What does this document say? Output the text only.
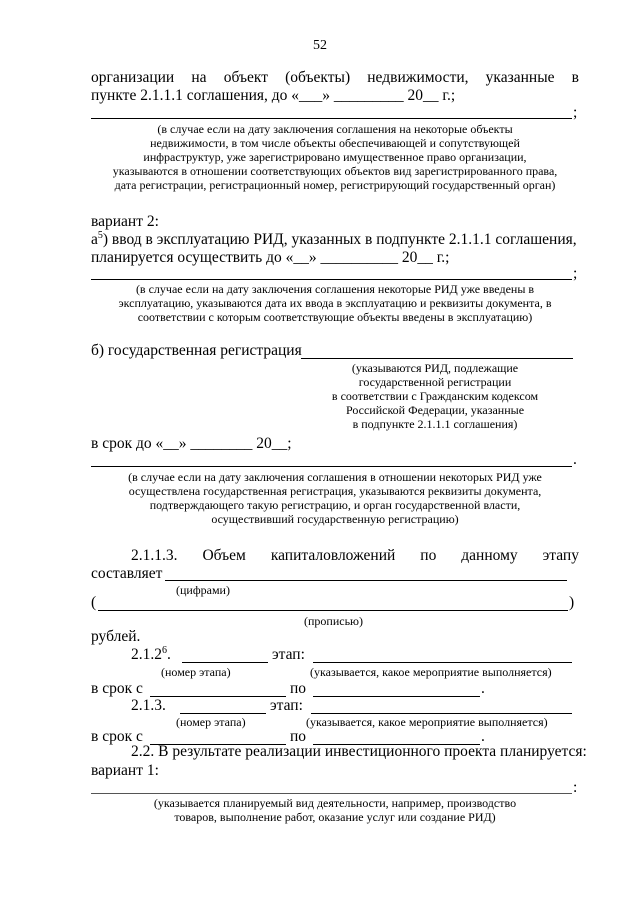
52
организации на объект (объекты) недвижимости, указанные в
пункте 2.1.1.1 соглашения, до «___» _________ 20__ г.;
;
(в случае если на дату заключения соглашения на некоторые объекты
недвижимости, в том числе объекты обеспечивающей и сопутствующей
инфраструктур, уже зарегистрировано имущественное право организации,
указываются в отношении соответствующих объектов вид зарегистрированного права,
дата регистрации, регистрационный номер, регистрирующий государственный орган)
вариант 2:
$а^5$) ввод в эксплуатацию РИД, указанных в подпункте 2.1.1.1 соглашения,
планируется осуществить до «__» __________ 20__ г.;
;
(в случае если на дату заключения соглашения некоторые РИД уже введены в
эксплуатацию, указываются дата их ввода в эксплуатацию и реквизиты документа, в
соответствии с которым соответствующие объекты введены в эксплуатацию)
б) государственная регистрация
(указываются РИД, подлежащие
государственной регистрации
в соответствии с Гражданским кодексом
Российской Федерации, указанные
в подпункте 2.1.1.1 соглашения)
в срок до «__» ________ 20__;
.
(в случае если на дату заключения соглашения в отношении некоторых РИД уже
осуществлена государственная регистрация, указываются реквизиты документа,
подтверждающего такую регистрацию, и орган государственной власти,
осуществивший государственную регистрацию)
2.1.1.3. Объем капиталовложений по данному этапу
составляет
(цифрами)
(	)
(прописью)
рублей.
2.1.2$^6$.	этап:
(номер этапа)	(указывается, какое мероприятие выполняется)
в срок с	по	.
2.1.3.	этап:
(номер этапа)	(указывается, какое мероприятие выполняется)
в срок с	по	.
2.2. В результате реализации инвестиционного проекта планируется:
вариант 1:
:
(указывается планируемый вид деятельности, например, производство
товаров, выполнение работ, оказание услуг или создание РИД)
